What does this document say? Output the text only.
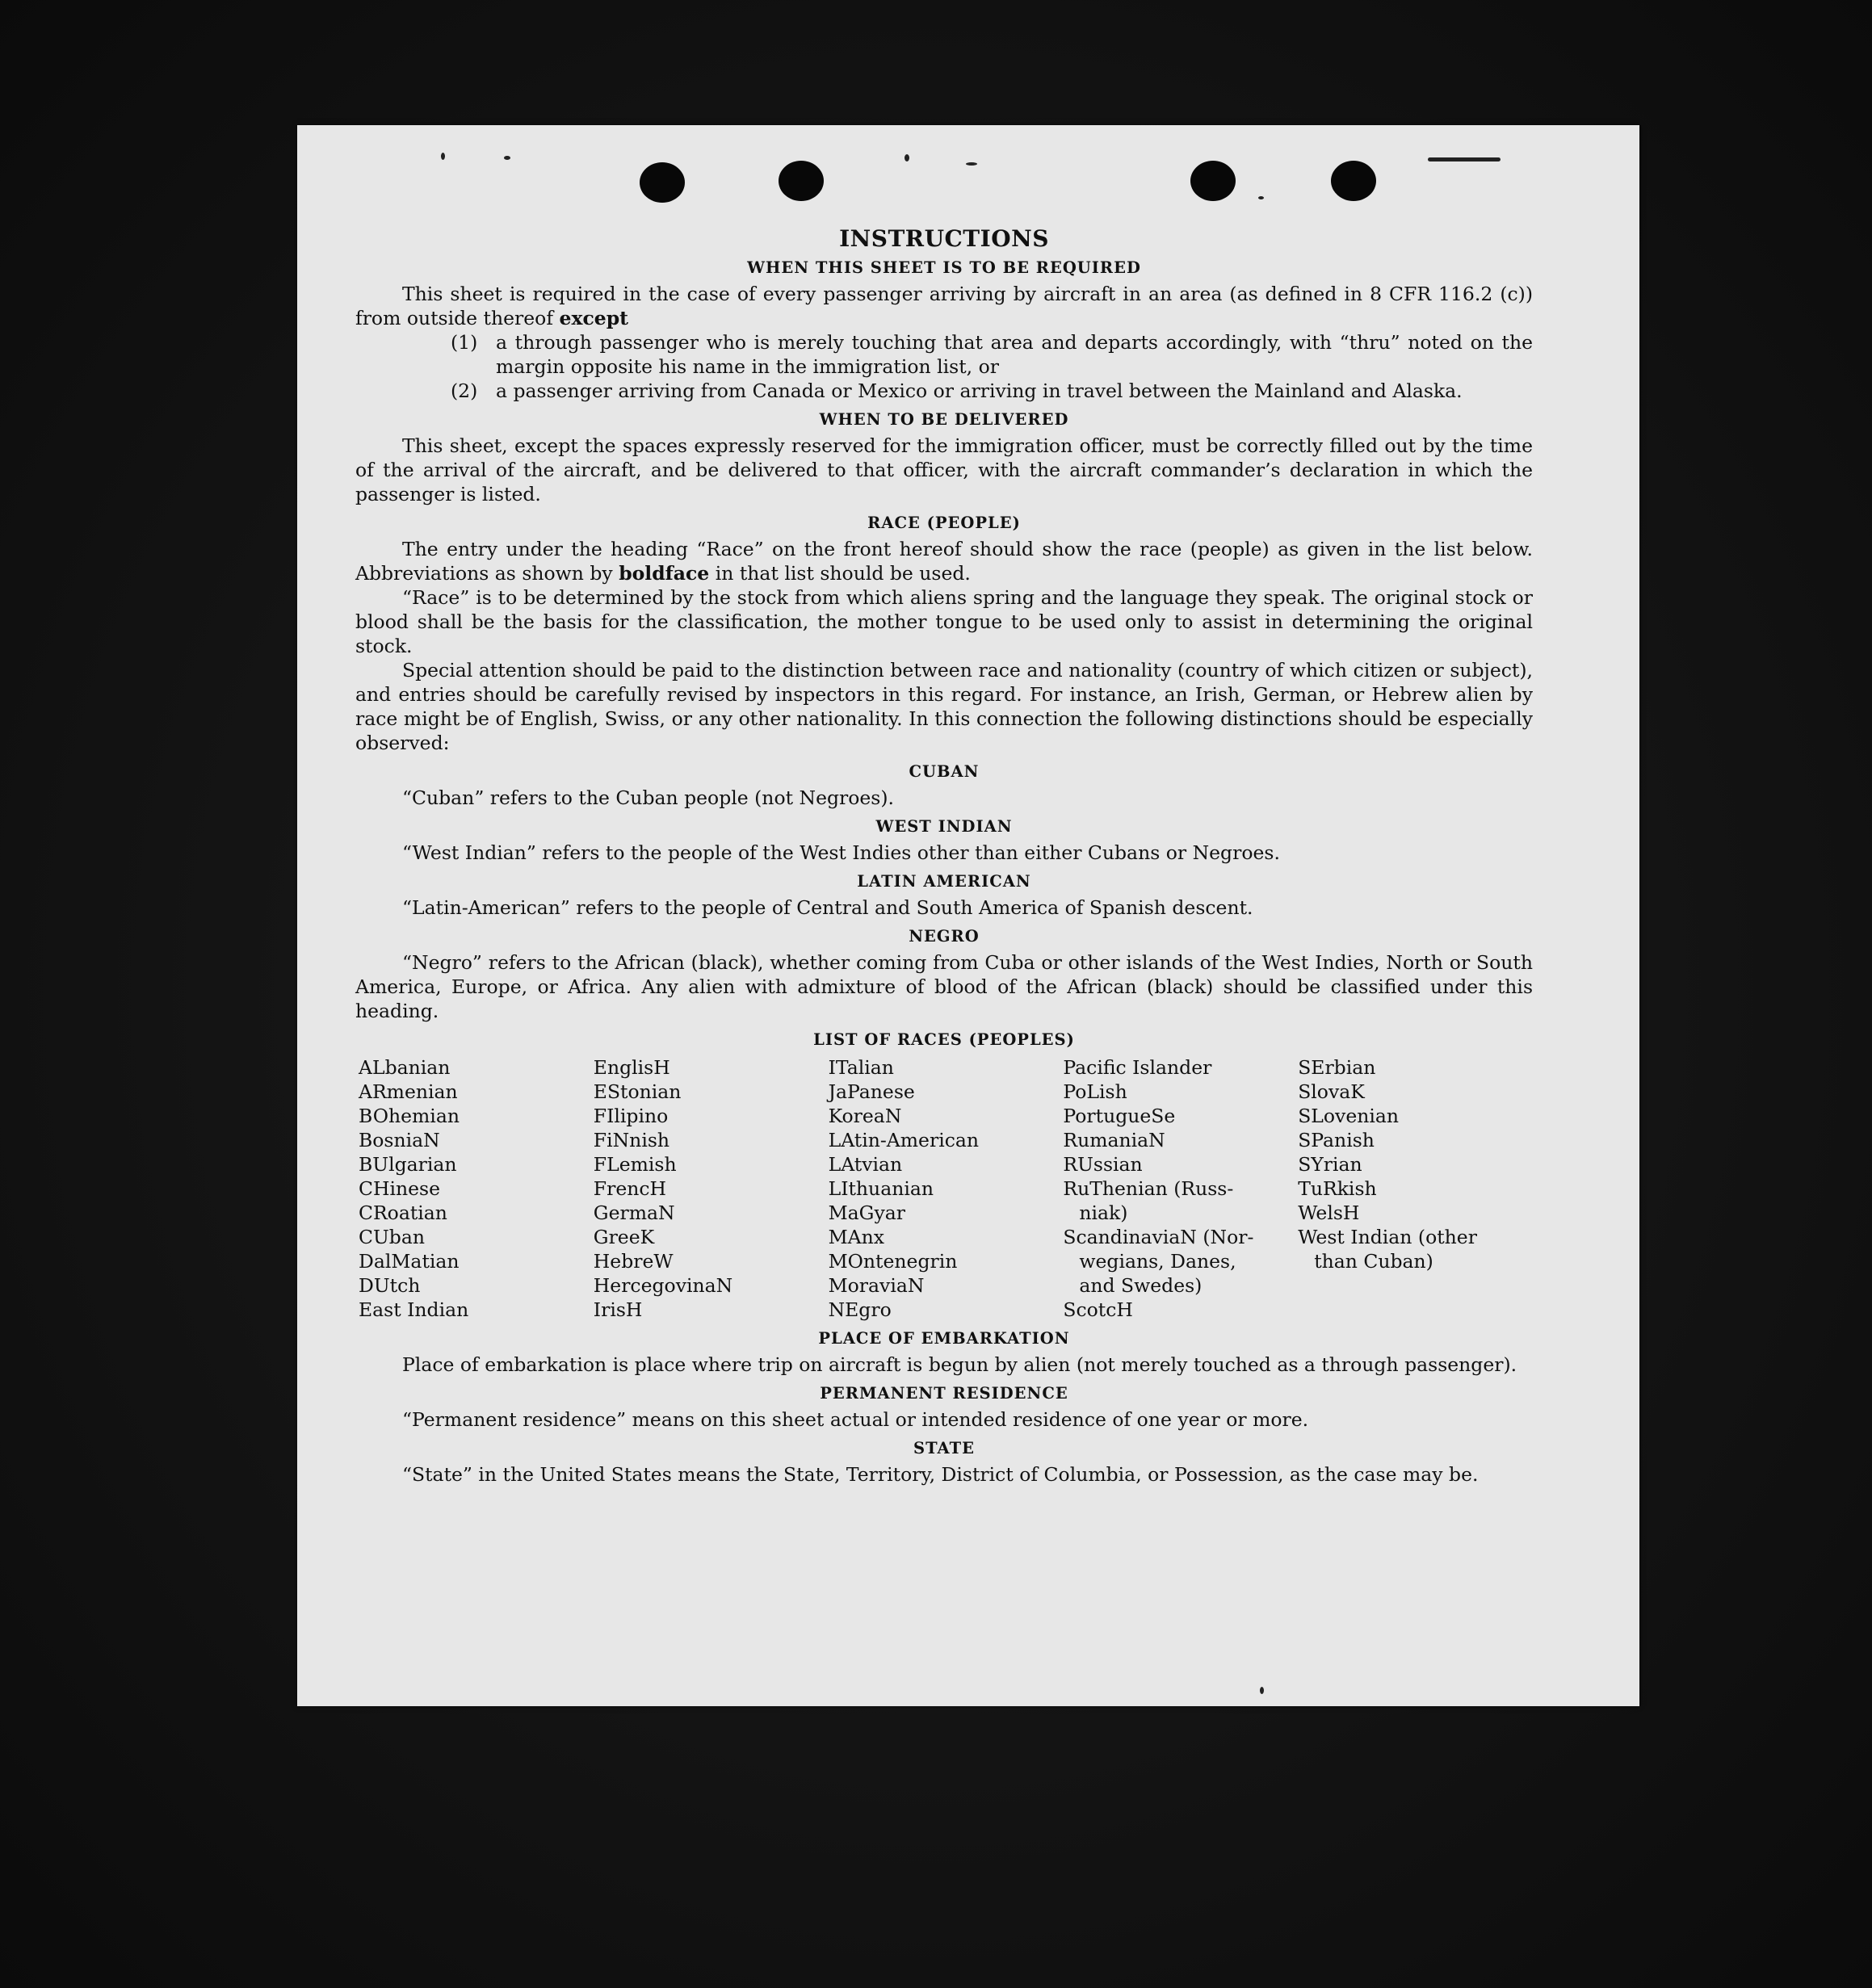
INSTRUCTIONS
WHEN THIS SHEET IS TO BE REQUIRED

This sheet is required in the case of every passenger arriving by aircraft in an area (as defined in 8 CFR 116.2 (c)) from outside thereof except

(1) a through passenger who is merely touching that area and departs accordingly, with “thru” noted on the margin opposite his name in the immigration list, or
(2) a passenger arriving from Canada or Mexico or arriving in travel between the Mainland and Alaska.
WHEN TO BE DELIVERED

This sheet, except the spaces expressly reserved for the immigration officer, must be correctly filled out by the time of the arrival of the aircraft, and be delivered to that officer, with the aircraft commander’s declaration in which the passenger is listed.

RACE (PEOPLE)

The entry under the heading “Race” on the front hereof should show the race (people) as given in the list below. Abbreviations as shown by boldface in that list should be used.

“Race” is to be determined by the stock from which aliens spring and the language they speak. The original stock or blood shall be the basis for the classification, the mother tongue to be used only to assist in determining the original stock.

Special attention should be paid to the distinction between race and nationality (country of which citizen or subject), and entries should be carefully revised by inspectors in this regard. For instance, an Irish, German, or Hebrew alien by race might be of English, Swiss, or any other nationality. In this connection the following distinctions should be especially observed:

CUBAN

“Cuban” refers to the Cuban people (not Negroes).

WEST INDIAN

“West Indian” refers to the people of the West Indies other than either Cubans or Negroes.

LATIN AMERICAN

“Latin-American” refers to the people of Central and South America of Spanish descent.

NEGRO

“Negro” refers to the African (black), whether coming from Cuba or other islands of the West Indies, North or South America, Europe, or Africa. Any alien with admixture of blood of the African (black) should be classified under this heading.

LIST OF RACES (PEOPLES)
ALbanian
ARmenian
BOhemian
BosniaN
BUlgarian
CHinese
CRoatian
CUban
DalMatian
DUtch
East Indian
EnglisH
EStonian
FIlipino
FiNnish
FLemish
FrencH
GermaN
GreeK
HebreW
HercegovinaN
IrisH
ITalian
JaPanese
KoreaN
LAtin-American
LAtvian
LIthuanian
MaGyar
MAnx
MOntenegrin
MoraviaN
NEgro
Pacific Islander
PoLish
PortugueSe
RumaniaN
RUssian
RuThenian (Russ-
niak)
ScandinaviaN (Nor-
wegians, Danes,
and Swedes)
ScotcH
SErbian
SlovaK
SLovenian
SPanish
SYrian
TuRkish
WelsH
West Indian (other
than Cuban)
PLACE OF EMBARKATION

Place of embarkation is place where trip on aircraft is begun by alien (not merely touched as a through passenger).

PERMANENT RESIDENCE

“Permanent residence” means on this sheet actual or intended residence of one year or more.

STATE

“State” in the United States means the State, Territory, District of Columbia, or Possession, as the case may be.
